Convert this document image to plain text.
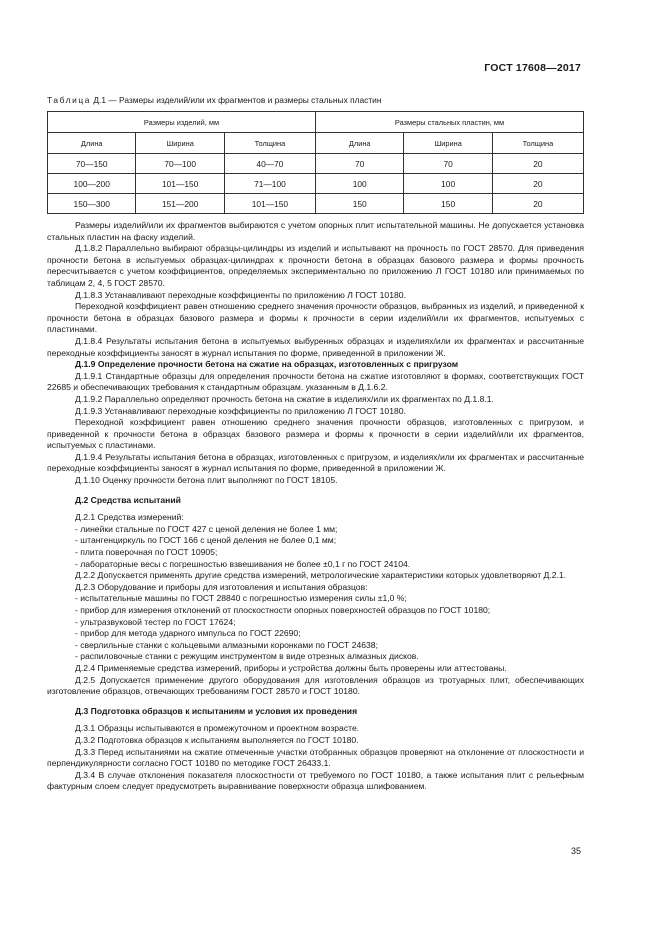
ГОСТ 17608—2017
Таблица Д.1 — Размеры изделий/или их фрагментов и размеры стальных пластин
Размеры изделий, мм			Размеры стальных пластин, мм		
Длина	Ширина	Толщина	Длина	Ширина	Толщина
70—150	70—100	40—70	70	70	20
100—200	101—150	71—100	100	100	20
150—300	151—200	101—150	150	150	20

Размеры изделий/или их фрагментов выбираются с учетом опорных плит испытательной машины. Не допускается установка стальных пластин на фаску изделий.

Д.1.8.2 Параллельно выбирают образцы-цилиндры из изделий и испытывают на прочность по ГОСТ 28570. Для приведения прочности бетона в испытуемых образцах-цилиндрах к прочности бетона в образцах базового размера и формы прочность пересчитывается с учетом коэффициентов, определяемых экспериментально по приложению Л ГОСТ 10180 или принимаемых по таблицам 2, 4, 5 ГОСТ 28570.

Д.1.8.3 Устанавливают переходные коэффициенты по приложению Л ГОСТ 10180.

Переходной коэффициент равен отношению среднего значения прочности образцов, выбранных из изделий, и приведенной к прочности бетона в образцах базового размера и формы к прочности в серии изделий/или их фрагментов, испытуемых с пластинами.

Д.1.8.4 Результаты испытания бетона в испытуемых выбуренных образцах и изделиях/или их фрагментах и рассчитанные переходные коэффициенты заносят в журнал испытания по форме, приведенной в приложении Ж.

Д.1.9 Определение прочности бетона на сжатие на образцах, изготовленных с пригрузом

Д.1.9.1 Стандартные образцы для определения прочности бетона на сжатие изготовляют в формах, соответствующих ГОСТ 22685 и обеспечивающих требования к стандартным образцам. указанным в Д.1.6.2.

Д.1.9.2 Параллельно определяют прочность бетона на сжатие в изделиях/или их фрагментах по Д.1.8.1.

Д.1.9.3 Устанавливают переходные коэффициенты по приложению Л ГОСТ 10180.

Переходной коэффициент равен отношению среднего значения прочности образцов, изготовленных с пригрузом, и приведенной к прочности бетона в образцах базового размера и формы к прочности в серии изделий/или их фрагментов, испытуемых с пластинами.

Д.1.9.4 Результаты испытания бетона в образцах, изготовленных с пригрузом, и изделиях/или их фрагментах и рассчитанные переходные коэффициенты заносят в журнал испытания по форме, приведенной в приложении Ж.

Д.1.10 Оценку прочности бетона плит выполняют по ГОСТ 18105.

Д.2 Средства испытаний

Д.2.1 Средства измерений:

- линейки стальные по ГОСТ 427 с ценой деления не более 1 мм;

- штангенциркуль по ГОСТ 166 с ценой деления не более 0,1 мм;

- плита поверочная по ГОСТ 10905;

- лабораторные весы с погрешностью взвешивания не более ±0,1 г по ГОСТ 24104.

Д.2.2 Допускается применять другие средства измерений, метрологические характеристики которых удовлетворяют Д.2.1.

Д.2.3 Оборудование и приборы для изготовления и испытания образцов:

- испытательные машины по ГОСТ 28840 с погрешностью измерения силы ±1,0 %;

- прибор для измерения отклонений от плоскостности опорных поверхностей образцов по ГОСТ 10180;

- ультразвуковой тестер по ГОСТ 17624;

- прибор для метода ударного импульса по ГОСТ 22690;

- сверлильные станки с кольцевыми алмазными коронками по ГОСТ 24638;

- распиловочные станки с режущим инструментом в виде отрезных алмазных дисков.

Д.2.4 Применяемые средства измерений, приборы и устройства должны быть проверены или аттестованы.

Д.2.5 Допускается применение другого оборудования для изготовления образцов из тротуарных плит, обеспечивающих изготовление образцов, отвечающих требованиям ГОСТ 28570 и ГОСТ 10180.

Д.3 Подготовка образцов к испытаниям и условия их проведения

Д.3.1 Образцы испытываются в промежуточном и проектном возрасте.

Д.3.2 Подготовка образцов к испытаниям выполняется по ГОСТ 10180.

Д.3.3 Перед испытаниями на сжатие отмеченные участки отобранных образцов проверяют на отклонение от плоскостности и перпендикулярности согласно ГОСТ 10180 по методике ГОСТ 26433.1.

Д.3.4 В случае отклонения показателя плоскостности от требуемого по ГОСТ 10180, а также испытания плит с рельефным фактурным слоем следует предусмотреть выравнивание поверхности образца шлифованием.

35
